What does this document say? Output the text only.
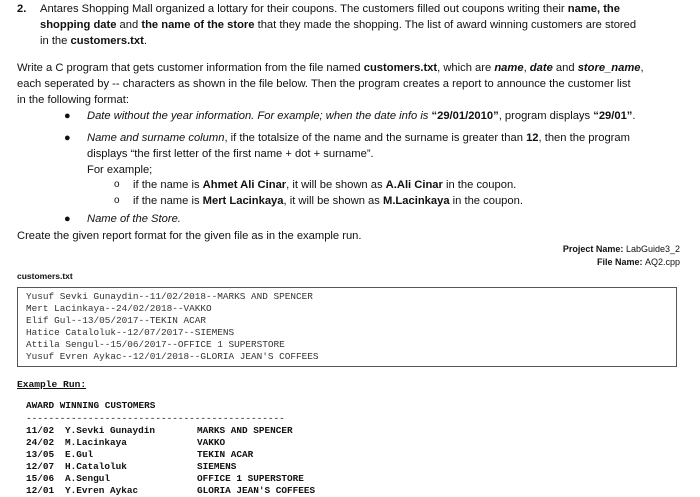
2. Antares Shopping Mall organized a lottary for their coupons. The customers filled out coupons writing their name, the
shopping date and the name of the store that they made the shopping. The list of award winning customers are stored
in the customers.txt.
Write a C program that gets customer information from the file named customers.txt, which are name, date and store_name,
each seperated by -- characters as shown in the file below. Then the program creates a report to announce the customer list
in the following format:
● Date without the year information. For example; when the date info is “29/01/2010”, program displays “29/01”.
● Name and surname column, if the totalsize of the name and the surname is greater than 12, then the program
displays “the first letter of the first name + dot + surname”.
For example;
o if the name is Ahmet Ali Cinar, it will be shown as A.Ali Cinar in the coupon.
o if the name is Mert Lacinkaya, it will be shown as M.Lacinkaya in the coupon.
● Name of the Store.
Create the given report format for the given file as in the example run.
Project Name: LabGuide3_2
File Name: AQ2.cpp
customers.txt
Yusuf Sevki Gunaydin--11/02/2018--MARKS AND SPENCER
Mert Lacinkaya--24/02/2018--VAKKO
Elif Gul--13/05/2017--TEKIN ACAR
Hatice Cataloluk--12/07/2017--SIEMENS
Attila Sengul--15/06/2017--OFFICE 1 SUPERSTORE
Yusuf Evren Aykac--12/01/2018--GLORIA JEAN'S COFFEES
Example Run:
AWARD WINNING CUSTOMERS
----------------------------------------------
11/02 Y.Sevki Gunaydin	MARKS AND SPENCER
24/02 M.Lacinkaya	VAKKO
13/05 E.Gul	TEKIN ACAR
12/07 H.Cataloluk	SIEMENS
15/06 A.Sengul	OFFICE 1 SUPERSTORE
12/01 Y.Evren Aykac	GLORIA JEAN'S COFFEES
